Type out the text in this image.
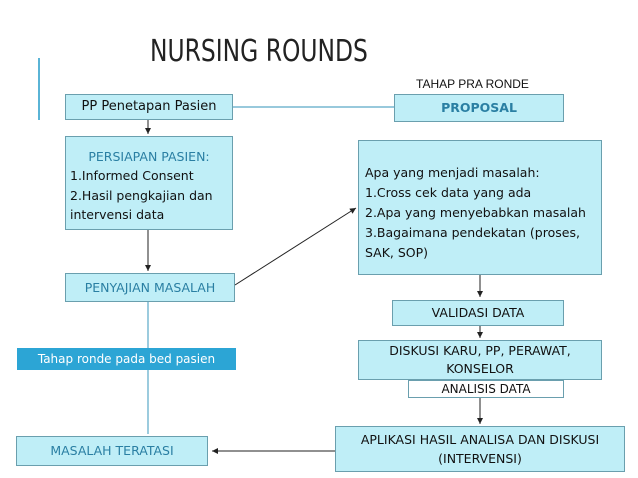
NURSING ROUNDS
TAHAP PRA RONDE
PP Penetapan Pasien	PROPOSAL
PERSIAPAN PASIEN:
1.Informed Consent
2.Hasil pengkajian dan
intervensi data
Apa yang menjadi masalah:
1.Cross cek data yang ada
2.Apa yang menyebabkan masalah
3.Bagaimana pendekatan (proses,
SAK, SOP)
PENYAJIAN MASALAH
VALIDASI DATA
Tahap ronde pada bed pasien
DISKUSI KARU, PP, PERAWAT,
KONSELOR
ANALISIS DATA
APLIKASI HASIL ANALISA DAN DISKUSI
(INTERVENSI)
MASALAH TERATASI
